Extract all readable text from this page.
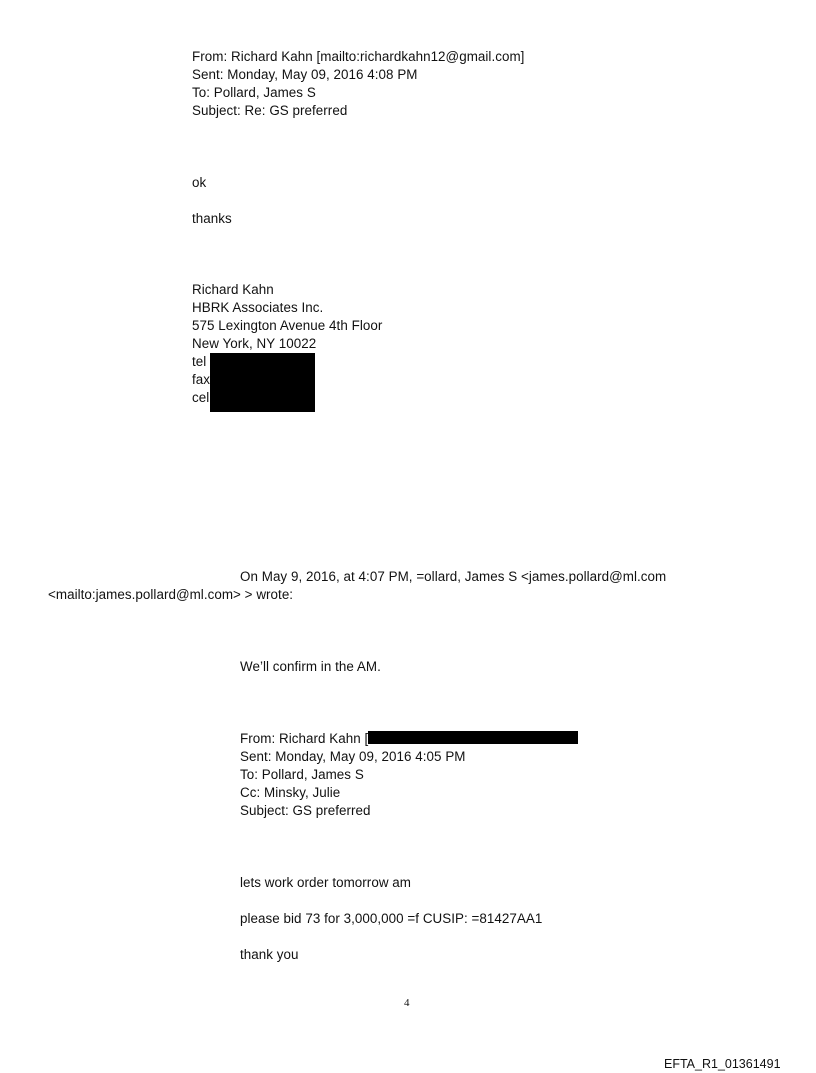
From: Richard Kahn [mailto:richardkahn12@gmail.com]
Sent: Monday, May 09, 2016 4:08 PM
To: Pollard, James S
Subject: Re: GS preferred
ok
thanks
Richard Kahn
HBRK Associates Inc.
575 Lexington Avenue 4th Floor
New York, NY 10022
tel
fax
cel
On May 9, 2016, at 4:07 PM, =ollard, James S <james.pollard@ml.com
<mailto:james.pollard@ml.com> > wrote:
We’ll confirm in the AM.
From: Richard Kahn [
Sent: Monday, May 09, 2016 4:05 PM
To: Pollard, James S
Cc: Minsky, Julie
Subject: GS preferred
lets work order tomorrow am
please bid 73 for 3,000,000 =f CUSIP: =81427AA1
thank you
4
EFTA_R1_01361491
